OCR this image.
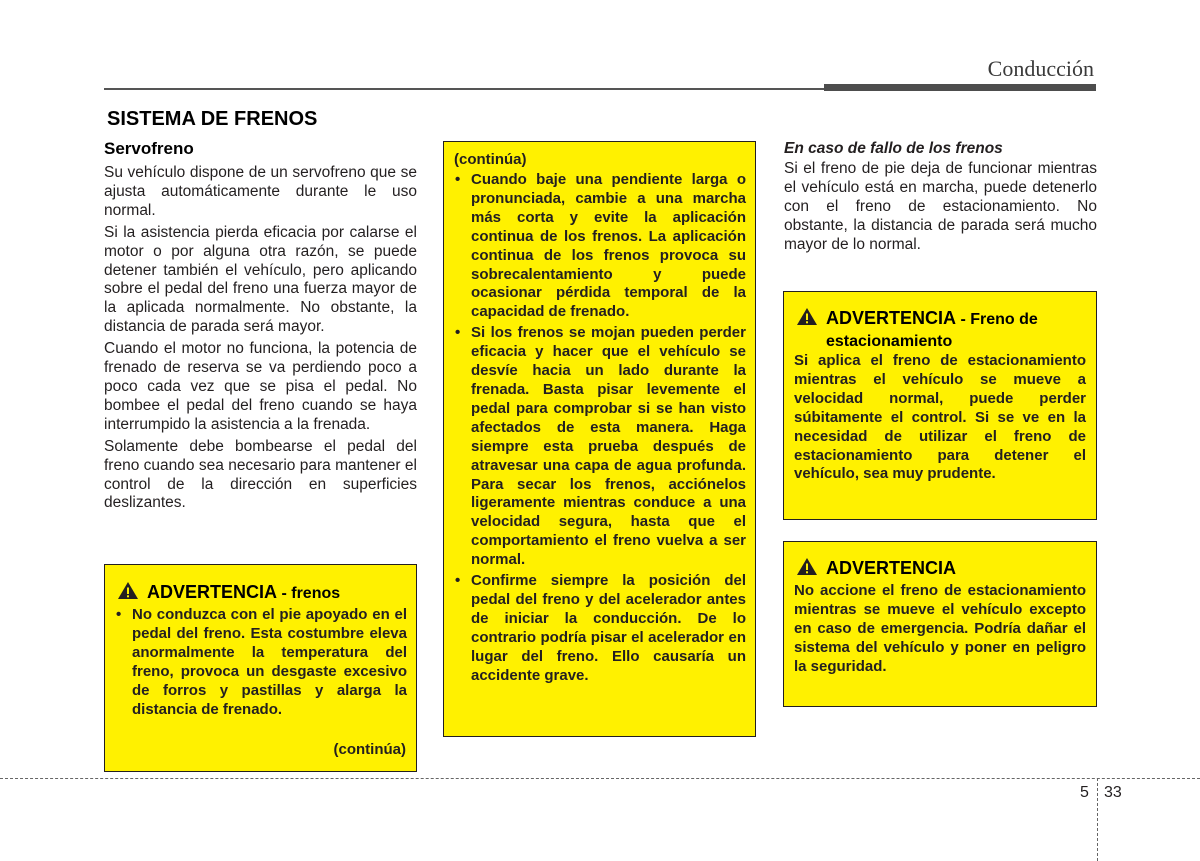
Conducción
SISTEMA DE FRENOS
Servofreno

Su vehículo dispone de un servofreno que se ajusta automáticamente durante le uso normal.

Si la asistencia pierda eficacia por calarse el motor o por alguna otra razón, se puede detener también el vehículo, pero aplicando sobre el pedal del freno una fuerza mayor de la aplicada normalmente. No obstante, la distancia de parada será mayor.

Cuando el motor no funciona, la potencia de frenado de reserva se va perdiendo poco a poco cada vez que se pisa el pedal. No bombee el pedal del freno cuando se haya interrumpido la asistencia a la frenada.

Solamente debe bombearse el pedal del freno cuando sea necesario para mantener el control de la dirección en superficies deslizantes.

ADVERTENCIA - frenos
• No conduzca con el pie apoyado en el pedal del freno. Esta costumbre eleva anormalmente la temperatura del freno, provoca un desgaste excesivo de forros y pastillas y alarga la distancia de frenado.
(continúa)
(continúa)
• Cuando baje una pendiente larga o pronunciada, cambie a una marcha más corta y evite la aplicación continua de los frenos. La aplicación continua de los frenos provoca su sobrecalentamiento y puede ocasionar pérdida temporal de la capacidad de frenado.
• Si los frenos se mojan pueden perder eficacia y hacer que el vehículo se desvíe hacia un lado durante la frenada. Basta pisar levemente el pedal para comprobar si se han visto afectados de esta manera. Haga siempre esta prueba después de atravesar una capa de agua profunda. Para secar los frenos, acciónelos ligeramente mientras conduce a una velocidad segura, hasta que el comportamiento el freno vuelva a ser normal.
• Confirme siempre la posición del pedal del freno y del acelerador antes de iniciar la conducción. De lo contrario podría pisar el acelerador en lugar del freno. Ello causaría un accidente grave.

En caso de fallo de los frenos

Si el freno de pie deja de funcionar mientras el vehículo está en marcha, puede detenerlo con el freno de estacionamiento. No obstante, la distancia de parada será mucho mayor de lo normal.

ADVERTENCIA - Freno de
estacionamiento
Si aplica el freno de estacionamiento mientras el vehículo se mueve a velocidad normal, puede perder súbitamente el control. Si se ve en la necesidad de utilizar el freno de estacionamiento para detener el vehículo, sea muy prudente.
ADVERTENCIA
No accione el freno de estacionamiento mientras se mueve el vehículo excepto en caso de emergencia. Podría dañar el sistema del vehículo y poner en peligro la seguridad.
5 33
